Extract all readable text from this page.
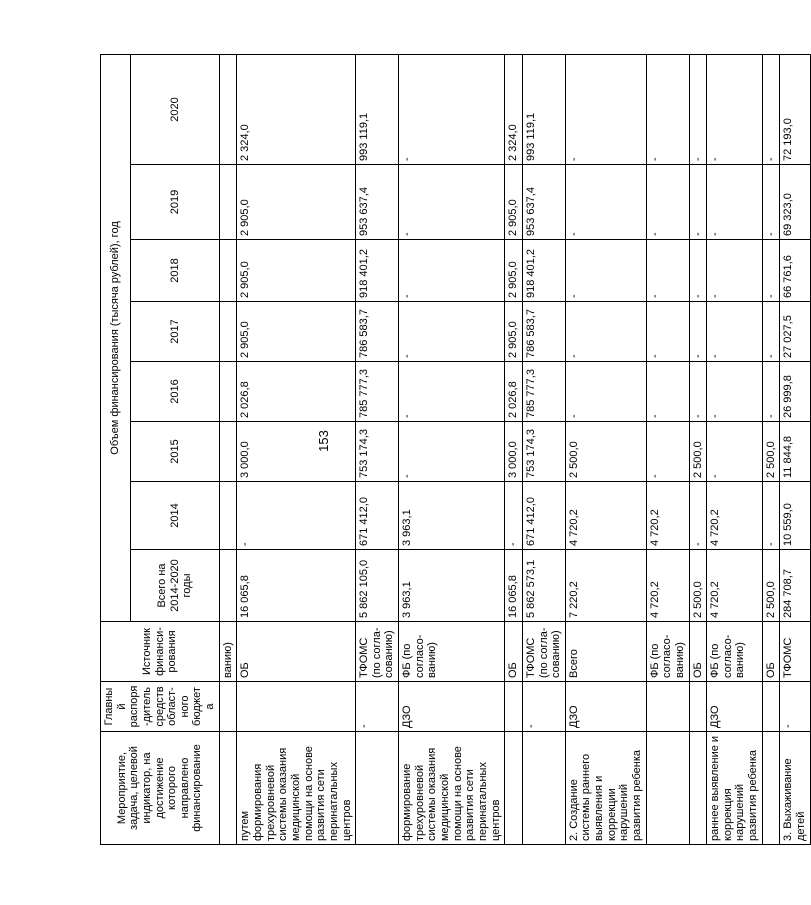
153
Мероприятие, задача, целевой индикатор, на достижение которого направлено финансирование	Главный распоря-дитель средств област-ного бюджета	Источник финанси-рования	Объем финансирования (тысяча рублей), год							
			Всего на 2014-2020 годы	2014	2015	2016	2017	2018	2019	2020
		ванию)								
путем формирования трехуровневой системы оказания медицинской помощи на основе развития сети перинатальных центров		ОБ	16 065,8	-	3 000,0	2 026,8	2 905,0	2 905,0	2 905,0	2 324,0
	-	ТФОМС (по согла-сованию)	5 862 105,0	671 412,0	753 174,3	785 777,3	786 583,7	918 401,2	953 637,4	993 119,1
формирование трехуровневой системы оказания медицинской помощи на основе развития сети перинатальных центров	ДЗО	ФБ (по согласо-ванию)	3 963,1	3 963,1	-	-	-	-	-	-
		ОБ	16 065,8	-	3 000,0	2 026,8	2 905,0	2 905,0	2 905,0	2 324,0
	-	ТФОМС (по согла-сованию)	5 862 573,1	671 412,0	753 174,3	785 777,3	786 583,7	918 401,2	953 637,4	993 119,1
2. Создание системы раннего выявления и коррекции нарушений развития ребенка	ДЗО	Всего	7 220,2	4 720,2	2 500,0	-	-	-	-	-
		ФБ (по согласо-ванию)	4 720,2	4 720,2	-	-	-	-	-	-
		ОБ	2 500,0	-	2 500,0	-	-	-	-	-
раннее выявление и коррекция нарушений развития ребенка	ДЗО	ФБ (по согласо-ванию)	4 720,2	4 720,2	-	-	-	-	-	-
		ОБ	2 500,0	-	2 500,0	-	-	-	-	-
3. Выхаживание детей	-	ТФОМС	284 708,7	10 559,0	11 844,8	26 999,8	27 027,5	66 761,6	69 323,0	72 193,0
